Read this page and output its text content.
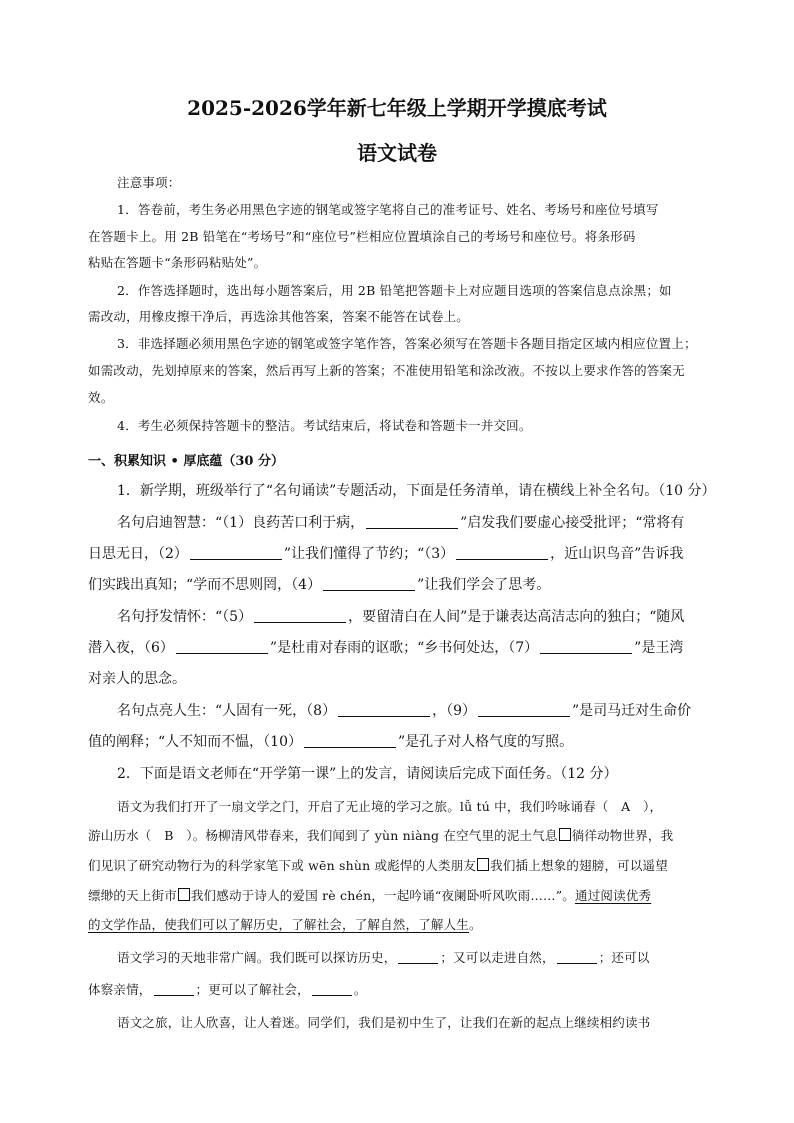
2025-2026学年新七年级上学期开学摸底考试
语文试卷

注意事项：

1．答卷前，考生务必用黑色字迹的钢笔或签字笔将自己的准考证号、姓名、考场号和座位号填写

在答题卡上。用 2B 铅笔在“考场号”和“座位号”栏相应位置填涂自己的考场号和座位号。将条形码

粘贴在答题卡“条形码粘贴处”。

2．作答选择题时，选出每小题答案后，用 2B 铅笔把答题卡上对应题目选项的答案信息点涂黑；如

需改动，用橡皮擦干净后，再选涂其他答案，答案不能答在试卷上。

3．非选择题必须用黑色字迹的钢笔或签字笔作答，答案必须写在答题卡各题目指定区域内相应位置上；

如需改动，先划掉原来的答案，然后再写上新的答案；不准使用铅笔和涂改液。不按以上要求作答的答案无

效。

4．考生必须保持答题卡的整洁。考试结束后，将试卷和答题卡一并交回。

一、积累知识 • 厚底蕴（30 分）

1．新学期，班级举行了“名句诵读”专题活动，下面是任务清单，请在横线上补全名句。（10 分）

名句启迪智慧：“（1）良药苦口利于病，	”启发我们要虚心接受批评；“常将有

日思无日，（2）	”让我们懂得了节约；“（3）	，近山识鸟音”告诉我

们实践出真知；“学而不思则罔，（4）	”让我们学会了思考。

名句抒发情怀：“（5）	，要留清白在人间”是于谦表达高洁志向的独白；“随风

潜入夜，（6）	”是杜甫对春雨的讴歌；“乡书何处达，（7）	”是王湾

对亲人的思念。

名句点亮人生：“人固有一死，（8）	，（9）	”是司马迁对生命价

值的阐释；“人不知而不愠，（10）	”是孔子对人格气度的写照。

2．下面是语文老师在“开学第一课”上的发言，请阅读后完成下面任务。（12 分）

语文为我们打开了一扇文学之门，开启了无止境的学习之旅。lǚ tú 中，我们吟咏诵春（　A　），

游山历水（　B　）。杨柳清风带春来，我们闻到了 yùn niàng 在空气里的泥土气息 徜徉动物世界，我

们见识了研究动物行为的科学家笔下或 wēn shùn 或彪悍的人类朋友 我们插上想象的翅膀，可以遥望

缥缈的天上街市 我们感动于诗人的爱国 rè chén，一起吟诵“夜阑卧听风吹雨……”。通过阅读优秀

的文学作品，使我们可以了解历史，了解社会，了解自然，了解人生。

语文学习的天地非常广阔。我们既可以探访历史，	；又可以走进自然，	；还可以

体察亲情，	；更可以了解社会，	。

语文之旅，让人欣喜，让人着迷。同学们，我们是初中生了，让我们在新的起点上继续相约读书
